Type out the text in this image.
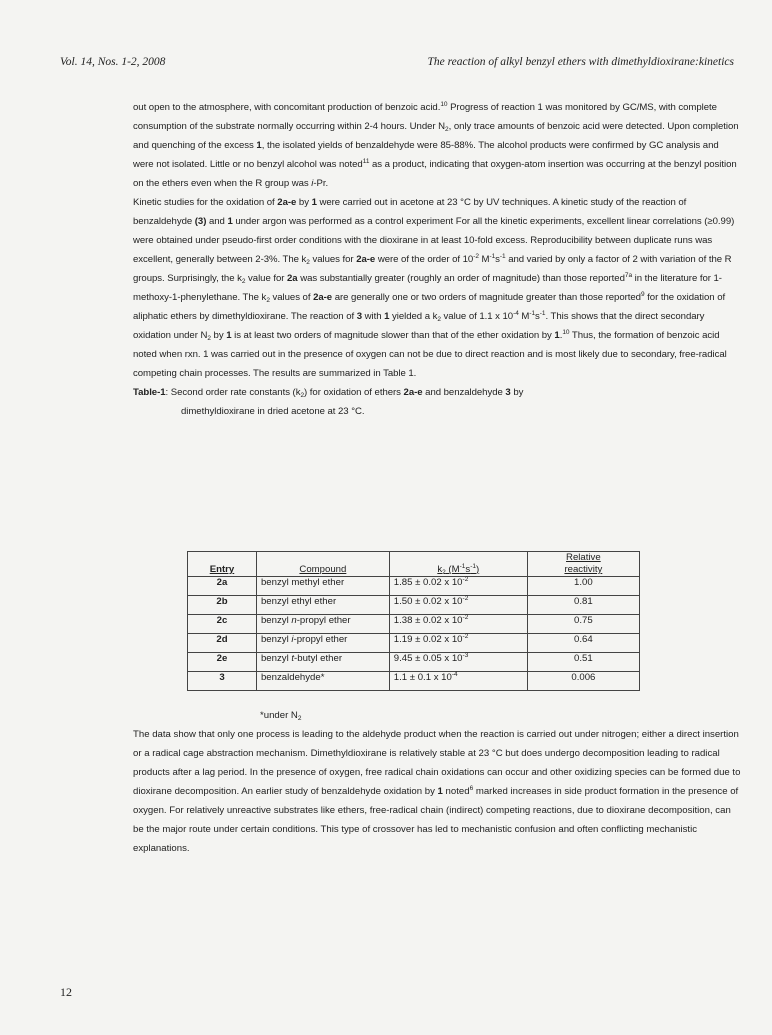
Vol. 14, Nos. 1-2, 2008	The reaction of alkyl benzyl ethers with dimethyldioxirane:kinetics

out open to the atmosphere, with concomitant production of benzoic acid.$^{10}$ Progress of reaction 1 was monitored by GC/MS, with complete consumption of the substrate normally occurring within 2-4 hours. Under $N_2$, only trace amounts of benzoic acid were detected. Upon completion and quenching of the excess 1, the isolated yields of benzaldehyde were 85-88%. The alcohol products were confirmed by GC analysis and were not isolated. Little or no benzyl alcohol was noted$^{11}$ as a product, indicating that oxygen-atom insertion was occurring at the benzyl position on the ethers even when the R group was i-Pr.

Kinetic studies for the oxidation of 2a-e by 1 were carried out in acetone at 23 °C by UV techniques. A kinetic study of the reaction of benzaldehyde (3) and 1 under argon was performed as a control experiment For all the kinetic experiments, excellent linear correlations (≥0.99) were obtained under pseudo-first order conditions with the dioxirane in at least 10-fold excess. Reproducibility between duplicate runs was excellent, generally between 2-3%. The $k_2$ values for 2a-e were of the order of $10^{-2}$ $M^{-1}s^{-1}$ and varied by only a factor of 2 with variation of the R groups. Surprisingly, the $k_2$ value for 2a was substantially greater (roughly an order of magnitude) than those reported$^{7a}$ in the literature for 1-methoxy-1-phenylethane. The $k_2$ values of 2a-e are generally one or two orders of magnitude greater than those reported$^9$ for the oxidation of aliphatic ethers by dimethyldioxirane. The reaction of 3 with 1 yielded a $k_2$ value of 1.1 x $10^{-4}$ $M^{-1}s^{-1}$. This shows that the direct secondary oxidation under $N_2$ by 1 is at least two orders of magnitude slower than that of the ether oxidation by 1.10 Thus, the formation of benzoic acid noted when rxn. 1 was carried out in the presence of oxygen can not be due to direct reaction and is most likely due to secondary, free-radical competing chain processes. The results are summarized in Table 1.

Table-1: Second order rate constants $(k_2)$ for oxidation of ethers 2a-e and benzaldehyde 3 by

dimethyldioxirane in dried acetone at 23 °C.

Entry	Compound	$k_2$ $(M^{-1}s^{-1})$	Relative
reactivity
2a	benzyl methyl ether	1.85 ± 0.02 x $10^{-2}$	1.00
2b	benzyl ethyl ether	1.50 ± 0.02 x $10^{-2}$	0.81
2c	benzyl n-propyl ether	1.38 ± 0.02 x $10^{-2}$	0.75
2d	benzyl i-propyl ether	1.19 ± 0.02 x $10^{-2}$	0.64
2e	benzyl t-butyl ether	9.45 ± 0.05 x $10^{-3}$	0.51
3	benzaldehyde*	1.1 ± 0.1 x $10^{-4}$	0.006
*under $N_2$

The data show that only one process is leading to the aldehyde product when the reaction is carried out under nitrogen; either a direct insertion or a radical cage abstraction mechanism. Dimethyldioxirane is relatively stable at 23 °C but does undergo decomposition leading to radical products after a lag period. In the presence of oxygen, free radical chain oxidations can occur and other oxidizing species can be formed due to dioxirane decomposition. An earlier study of benzaldehyde oxidation by 1 noted$^6$ marked increases in side product formation in the presence of oxygen. For relatively unreactive substrates like ethers, free-radical chain (indirect) competing reactions, due to dioxirane decomposition, can be the major route under certain conditions. This type of crossover has led to mechanistic confusion and often conflicting mechanistic explanations.

12
